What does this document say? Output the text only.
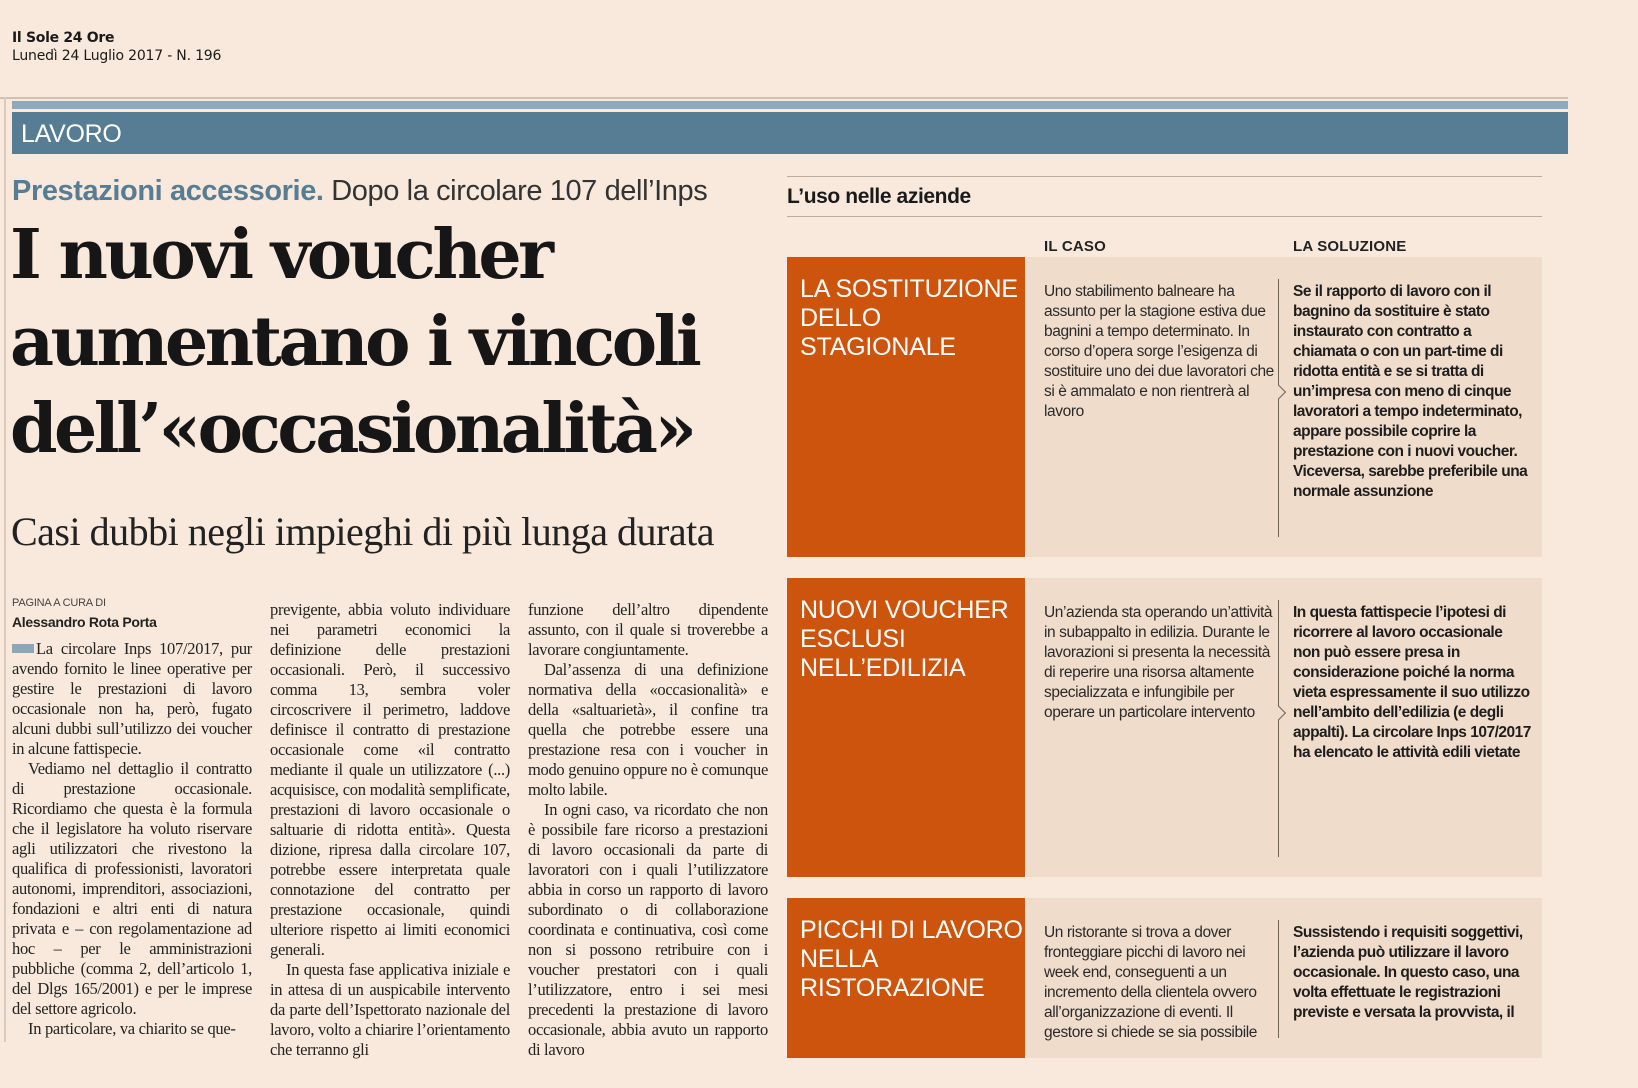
Il Sole 24 Ore
Lunedì 24 Luglio 2017 - N. 196
LAVORO
Prestazioni accessorie. Dopo la circolare 107 dell’Inps
I nuovi voucher
aumentano i vincoli
dell’«occasionalità»
Casi dubbi negli impieghi di più lunga durata
PAGINA A CURA DI
Alessandro Rota Porta

La circolare Inps 107/2017, pur avendo fornito le linee operative per gestire le prestazioni di lavoro occasionale non ha, però, fugato alcuni dubbi sull’utilizzo dei voucher in alcune fattispecie.

Vediamo nel dettaglio il contratto di prestazione occasionale. Ricordiamo che questa è la formula che il legislatore ha voluto riservare agli utilizzatori che rivestono la qualifica di professionisti, lavoratori autonomi, imprenditori, associazioni, fondazioni e altri enti di natura privata e – con regolamentazione ad hoc – per le amministrazioni pubbliche (comma 2, dell’articolo 1, del Dlgs 165/2001) e per le imprese del settore agricolo.

In particolare, va chiarito se que-

previgente, abbia voluto individuare nei parametri economici la definizione delle prestazioni occasionali. Però, il successivo comma 13, sembra voler circoscrivere il perimetro, laddove definisce il contratto di prestazione occasionale come «il contratto mediante il quale un utilizzatore (...) acquisisce, con modalità semplificate, prestazioni di lavoro occasionale o saltuarie di ridotta entità». Questa dizione, ripresa dalla circolare 107, potrebbe essere interpretata quale connotazione del contratto per prestazione occasionale, quindi ulteriore rispetto ai limiti economici generali.

In questa fase applicativa iniziale e in attesa di un auspicabile intervento da parte dell’Ispettorato nazionale del lavoro, volto a chiarire l’orientamento che terranno gli

funzione dell’altro dipendente assunto, con il quale si troverebbe a lavorare congiuntamente.

Dal’assenza di una definizione normativa della «occasionalità» e della «saltuarietà», il confine tra quella che potrebbe essere una prestazione resa con i voucher in modo genuino oppure no è comunque molto labile.

In ogni caso, va ricordato che non è possibile fare ricorso a prestazioni di lavoro occasionali da parte di lavoratori con i quali l’utilizzatore abbia in corso un rapporto di lavoro subordinato o di collaborazione coordinata e continuativa, così come non si possono retribuire con i voucher prestatori con i quali l’utilizzatore, entro i sei mesi precedenti la prestazione di lavoro occasionale, abbia avuto un rapporto di lavoro

L’uso nelle aziende
IL CASO	LA SOLUZIONE
LA SOSTITUZIONE DELLO STAGIONALE
Uno stabilimento balneare ha assunto per la stagione estiva due bagnini a tempo determinato. In corso d’opera sorge l’esigenza di sostituire uno dei due lavoratori che si è ammalato e non rientrerà al lavoro
Se il rapporto di lavoro con il bagnino da sostituire è stato instaurato con contratto a chiamata o con un part-time di ridotta entità e se si tratta di un’impresa con meno di cinque lavoratori a tempo indeterminato, appare possibile coprire la prestazione con i nuovi voucher. Viceversa, sarebbe preferibile una normale assunzione
NUOVI VOUCHER ESCLUSI NELL’EDILIZIA
Un’azienda sta operando un’attività in subappalto in edilizia. Durante le lavorazioni si presenta la necessità di reperire una risorsa altamente specializzata e infungibile per operare un particolare intervento
In questa fattispecie l’ipotesi di ricorrere al lavoro occasionale non può essere presa in considerazione poiché la norma vieta espressamente il suo utilizzo nell’ambito dell’edilizia (e degli appalti). La circolare Inps 107/2017 ha elencato le attività edili vietate
PICCHI DI LAVORO NELLA RISTORAZIONE
Un ristorante si trova a dover fronteggiare picchi di lavoro nei week end, conseguenti a un incremento della clientela ovvero all’organizzazione di eventi. Il gestore si chiede se sia possibile
Sussistendo i requisiti soggettivi, l’azienda può utilizzare il lavoro occasionale. In questo caso, una volta effettuate le registrazioni previste e versata la provvista, il
